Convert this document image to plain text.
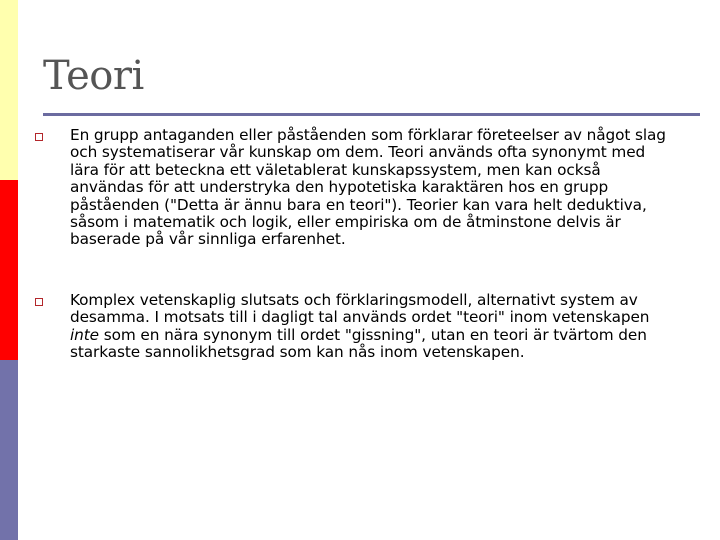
Teori

En grupp antaganden eller påståenden som förklarar företeelser av något slag och systematiserar vår kunskap om dem. Teori används ofta synonymt med lära för att beteckna ett väletablerat kunskapssystem, men kan också användas för att understryka den hypotetiska karaktären hos en grupp påståenden ("Detta är ännu bara en teori"). Teorier kan vara helt deduktiva, såsom i matematik och logik, eller empiriska om de åtminstone delvis är baserade på vår sinnliga erfarenhet.

Komplex vetenskaplig slutsats och förklaringsmodell, alternativt system av desamma. I motsats till i dagligt tal används ordet "teori" inom vetenskapen inte som en nära synonym till ordet "gissning", utan en teori är tvärtom den starkaste sannolikhetsgrad som kan nås inom vetenskapen.
